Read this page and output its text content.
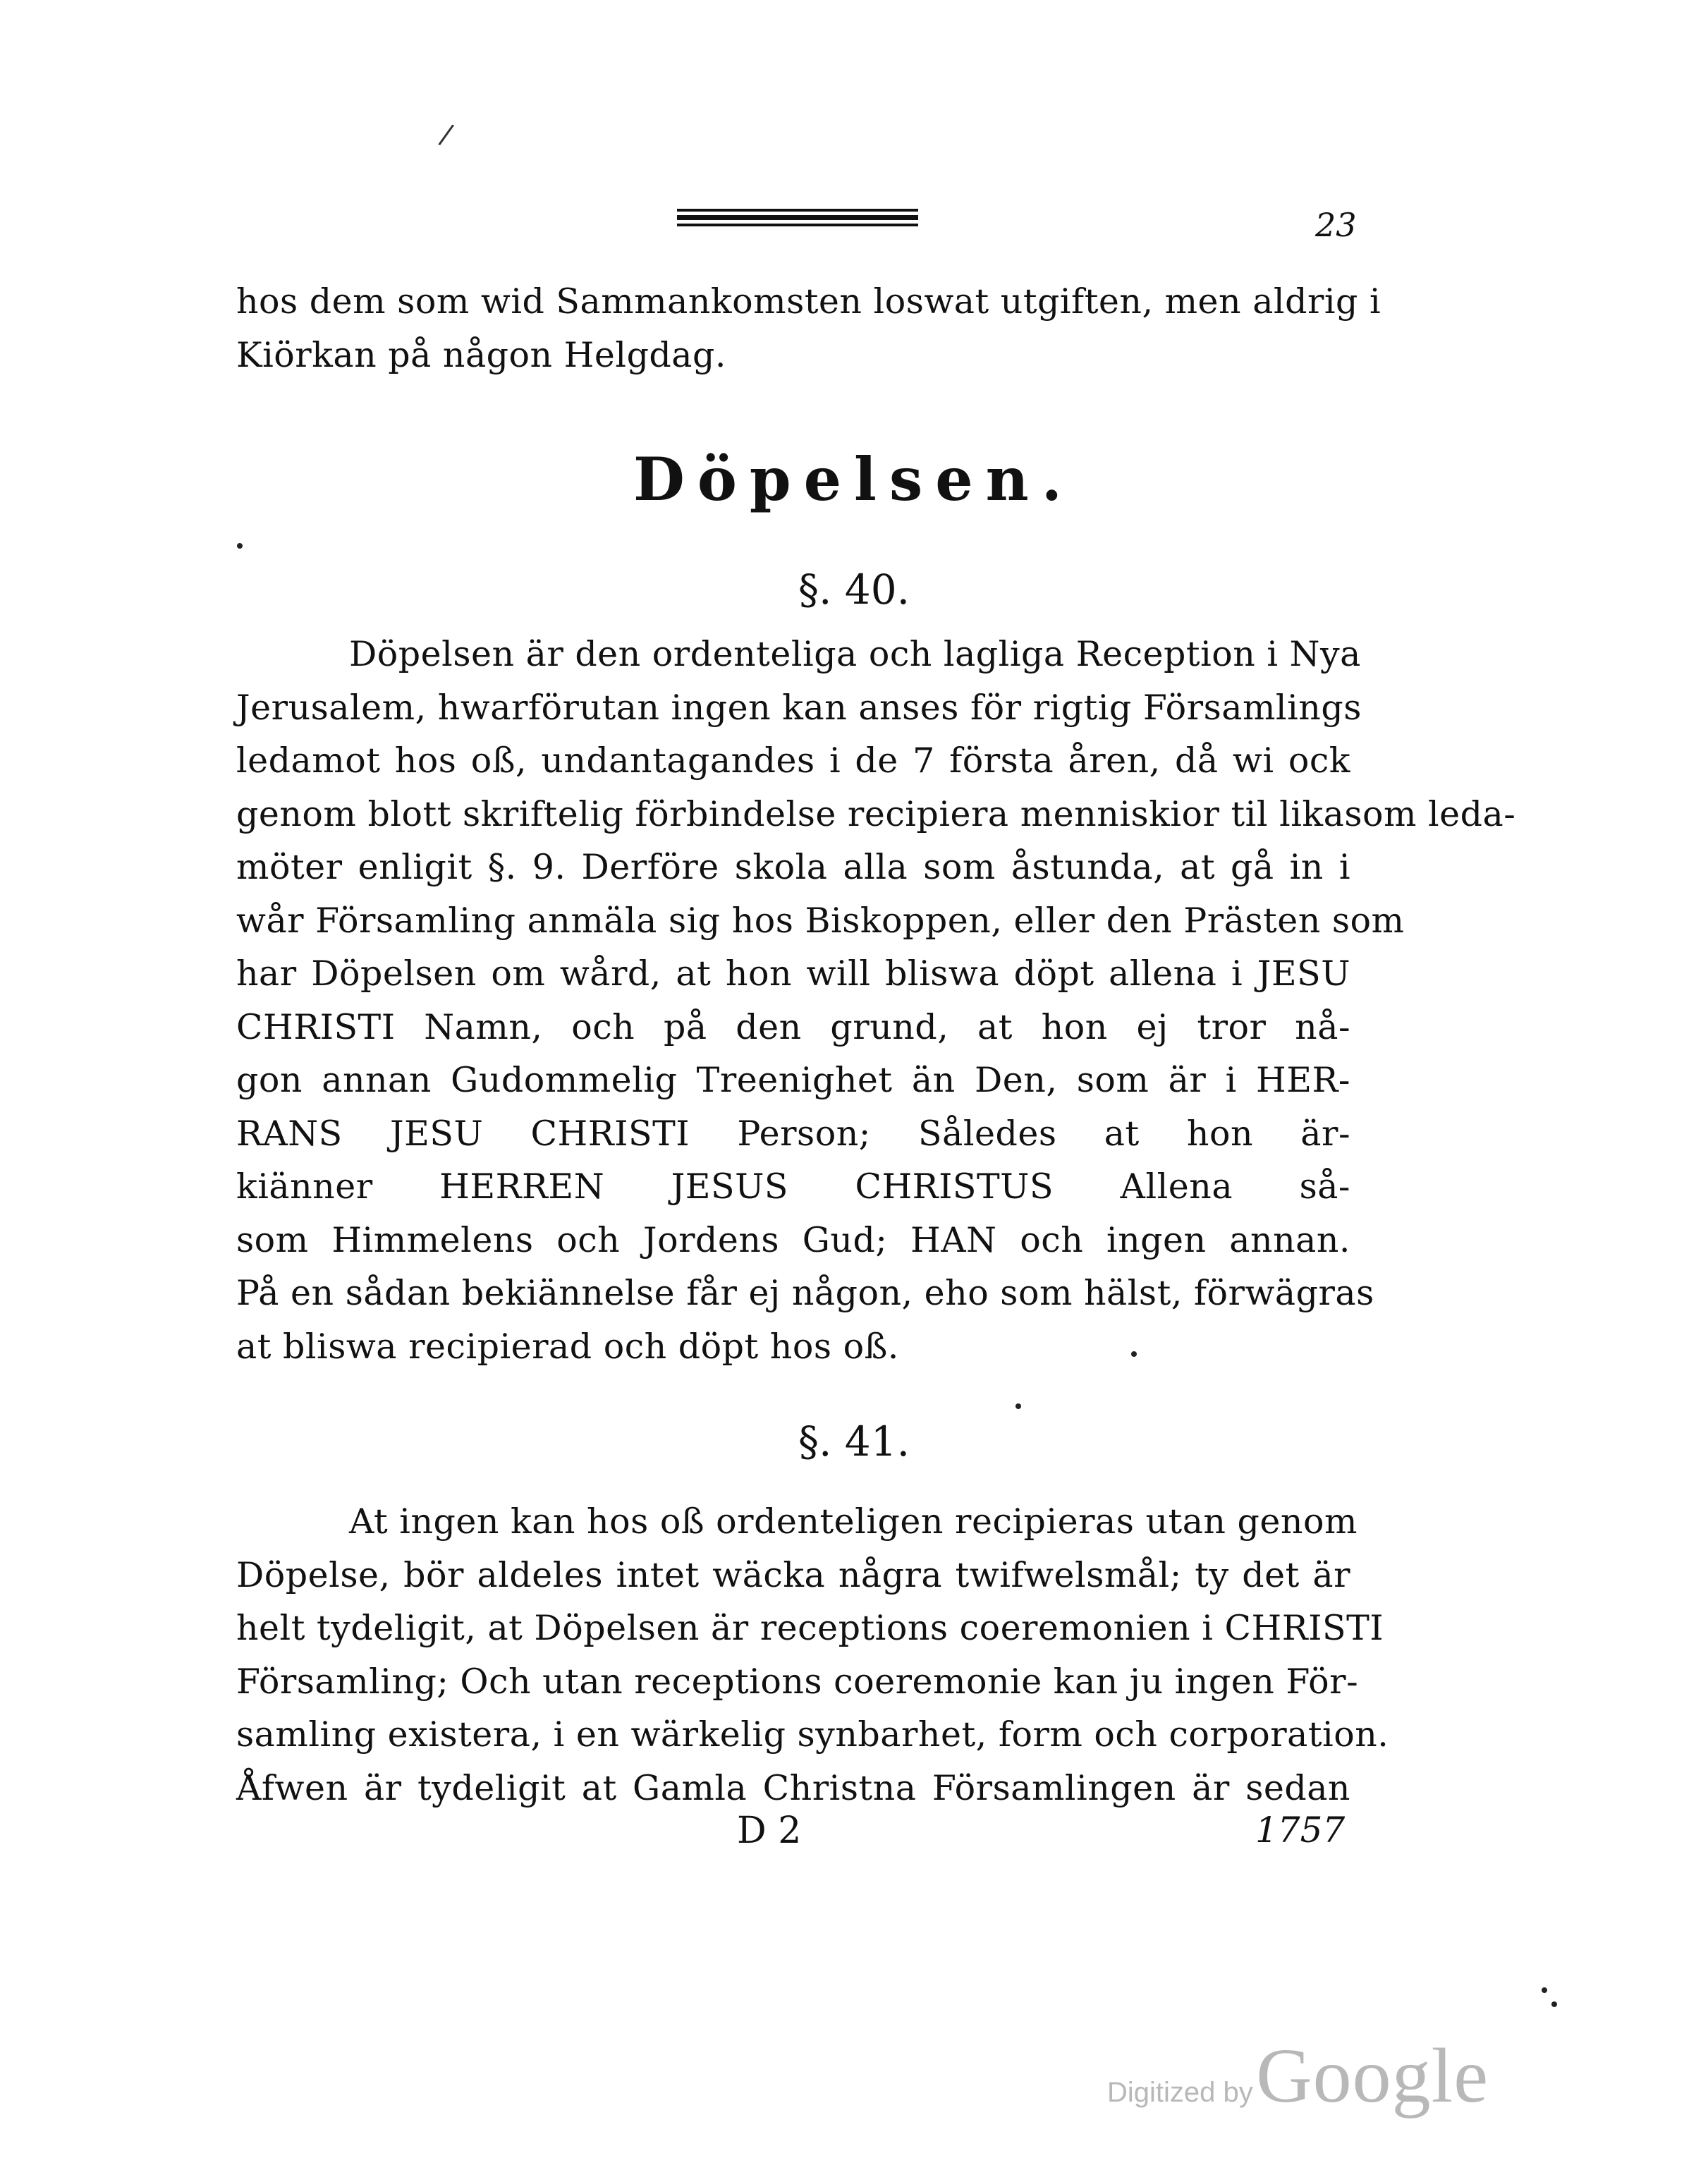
/
23
hos dem som wid Sammankomsten loswat utgiften, men aldrig i
Kiörkan på någon Helgdag.
Döpelsen.
§. 40.
Döpelsen är den ordenteliga och lagliga Reception i Nya
Jerusalem, hwarförutan ingen kan anses för rigtig Församlings
ledamot hos oß, undantagandes i de 7 första åren, då wi ock
genom blott skriftelig förbindelse recipiera menniskior til likasom leda-
möter enligit §. 9. Derföre skola alla som åstunda, at gå in i
wår Församling anmäla sig hos Biskoppen, eller den Prästen som
har Döpelsen om wård, at hon will bliswa döpt allena i JESU
CHRISTI Namn, och på den grund, at hon ej tror nå-
gon annan Gudommelig Treenighet än Den, som är i HER-
RANS JESU CHRISTI Person; Således at hon är-
kiänner HERREN JESUS CHRISTUS Allena så-
som Himmelens och Jordens Gud; HAN och ingen annan.
På en sådan bekiännelse får ej någon, eho som hälst, förwägras
at bliswa recipierad och döpt hos oß.
§. 41.
At ingen kan hos oß ordenteligen recipieras utan genom
Döpelse, bör aldeles intet wäcka några twifwelsmål; ty det är
helt tydeligit, at Döpelsen är receptions coeremonien i CHRISTI
Församling; Och utan receptions coeremonie kan ju ingen För-
samling existera, i en wärkelig synbarhet, form och corporation.
Åfwen är tydeligit at Gamla Christna Församlingen är sedan
D 2	1757
Digitized by Google
